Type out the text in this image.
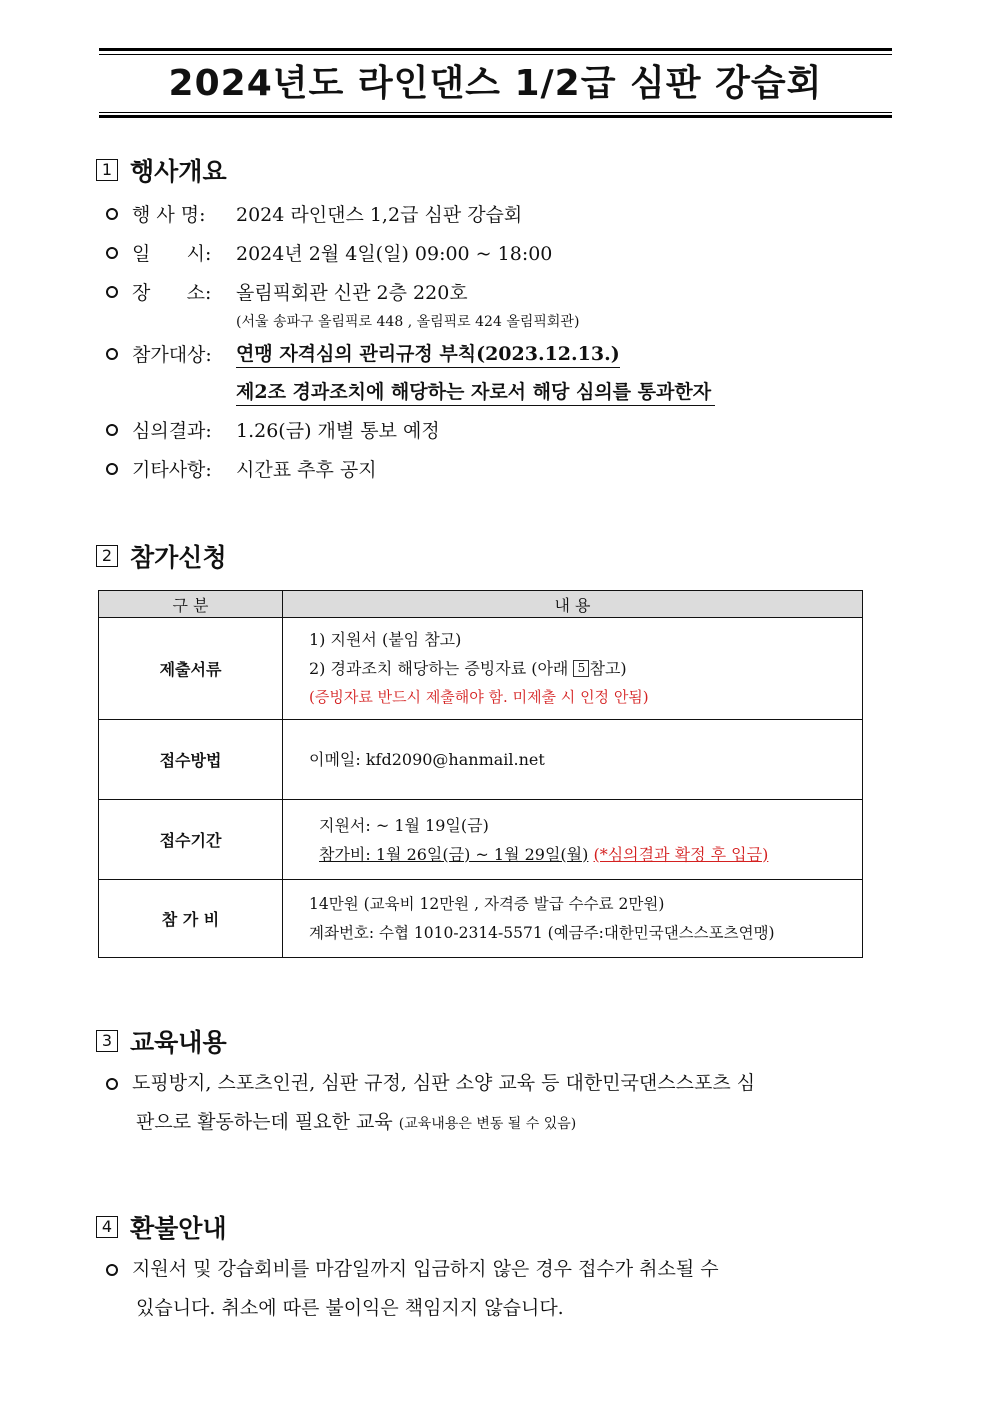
2024년도 라인댄스 1/2급 심판 강습회
1 행사개요
행 사 명:	2024 라인댄스 1,2급 심판 강습회
일      시:	2024년 2월 4일(일) 09:00 ~ 18:00
장      소:	올림픽회관 신관 2층 220호
(서울 송파구 올림픽로 448 , 올림픽로 424 올림픽회관)
참가대상:	연맹 자격심의 관리규정 부칙(2023.12.13.)
제2조 경과조치에 해당하는 자로서 해당 심의를 통과한자
심의결과:	1.26(금) 개별 통보 예정
기타사항:	시간표 추후 공지
2 참가신청
구 분	내 용
제출서류	1) 지원서 (붙임 참고)
2) 경과조치 해당하는 증빙자료 (아래 5 참고)
(증빙자료 반드시 제출해야 함. 미제출 시 인정 안됨)

접수방법	이메일: kfd2090@hanmail.net

접수기간	지원서: ~ 1월 19일(금)
참가비: 1월 26일(금) ~ 1월 29일(월) (*심의결과 확정 후 입금)

참 가 비	14만원 (교육비 12만원 , 자격증 발급 수수료 2만원)
계좌번호: 수협 1010-2314-5571 (예금주:대한민국댄스스포츠연맹)
3 교육내용
도핑방지, 스포츠인권, 심판 규정, 심판 소양 교육 등 대한민국댄스스포츠 심
판으로 활동하는데 필요한 교육 (교육내용은 변동 될 수 있음)
4 환불안내
지원서 및 강습회비를 마감일까지 입금하지 않은 경우 접수가 취소될 수
있습니다. 취소에 따른 불이익은 책임지지 않습니다.
